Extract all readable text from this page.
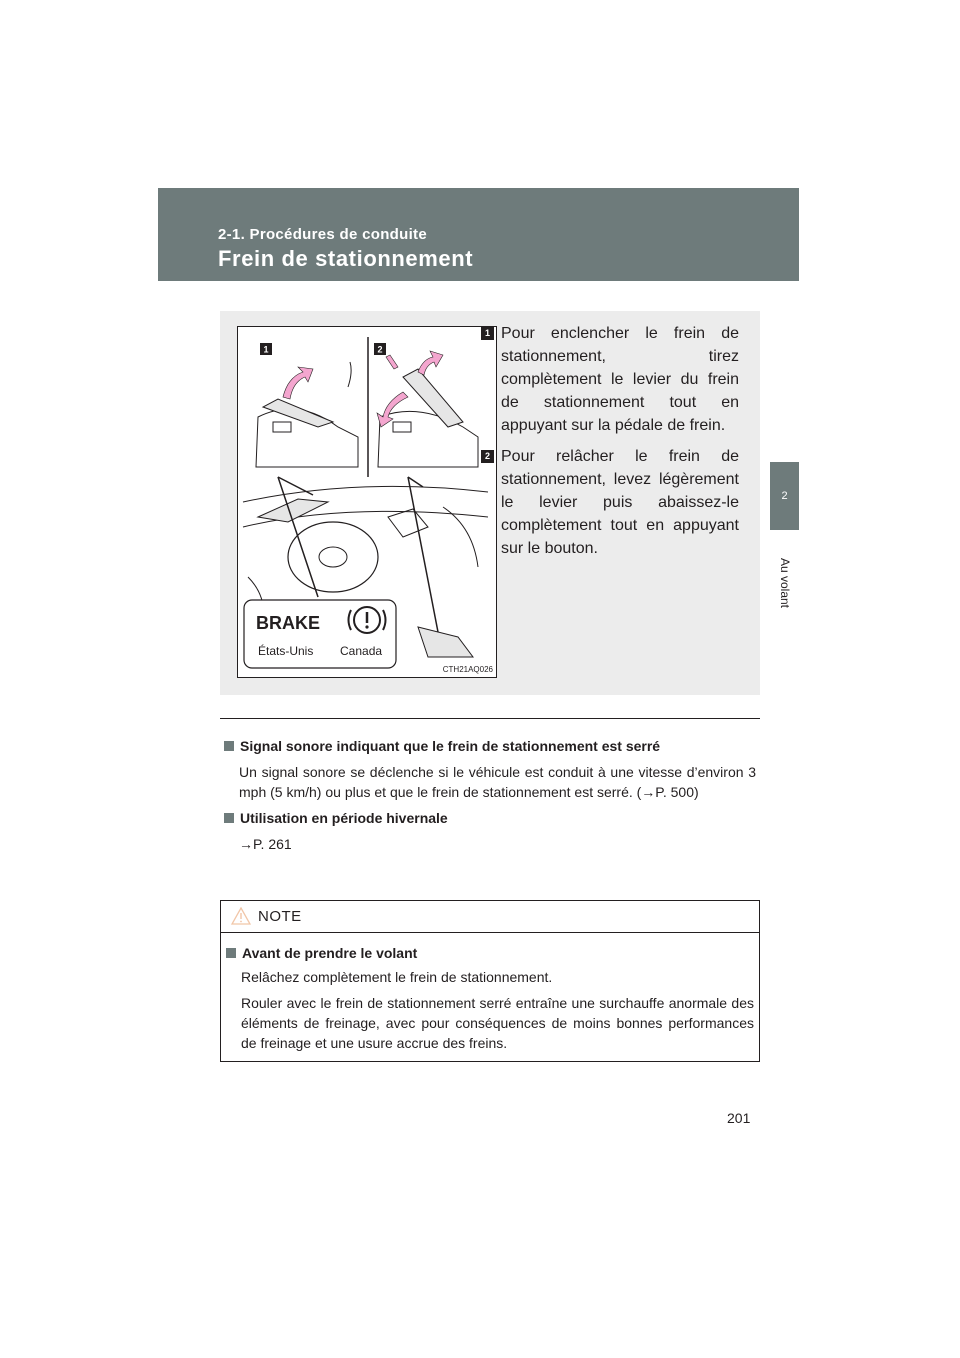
2-1. Procédures de conduite
Frein de stationnement
2
Au volant
1	2
BRAKE
États-Unis Canada
CTH21AQ026
1 Pour enclencher le frein de stationnement, tirez complètement le levier du frein de stationnement tout en appuyant sur la pédale de frein.
2 Pour relâcher le frein de stationnement, levez légèrement le levier puis abaissez-le complètement tout en appuyant sur le bouton.
Signal sonore indiquant que le frein de stationnement est serré
Un signal sonore se déclenche si le véhicule est conduit à une vitesse d’environ 3 mph (5 km/h) ou plus et que le frein de stationnement est serré. (→P. 500)
Utilisation en période hivernale
→P. 261
NOTE
Avant de prendre le volant
Relâchez complètement le frein de stationnement.
Rouler avec le frein de stationnement serré entraîne une surchauffe anormale des éléments de freinage, avec pour conséquences de moins bonnes performances de freinage et une usure accrue des freins.
201
